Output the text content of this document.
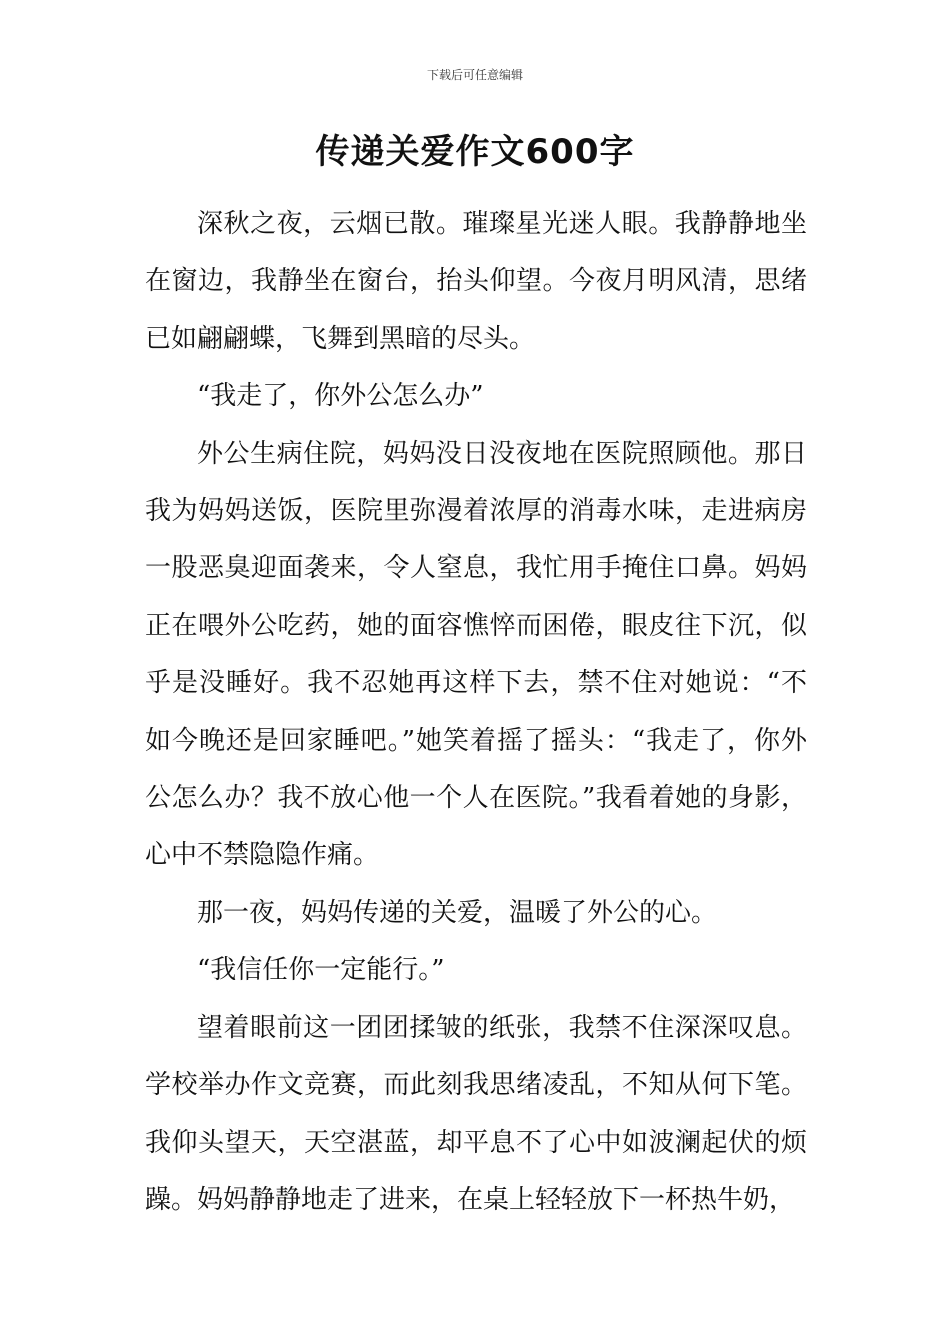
下载后可任意编辑
传递关爱作文600字

深秋之夜，云烟已散。璀璨星光迷人眼。我静静地坐在窗边，我静坐在窗台，抬头仰望。今夜月明风清，思绪已如翩翩蝶，飞舞到黑暗的尽头。

“我走了，你外公怎么办”

外公生病住院，妈妈没日没夜地在医院照顾他。那日我为妈妈送饭，医院里弥漫着浓厚的消毒水味，走进病房一股恶臭迎面袭来，令人窒息，我忙用手掩住口鼻。妈妈正在喂外公吃药，她的面容憔悴而困倦，眼皮往下沉，似乎是没睡好。我不忍她再这样下去，禁不住对她说：“不如今晚还是回家睡吧。”她笑着摇了摇头：“我走了，你外公怎么办？我不放心他一个人在医院。”我看着她的身影，心中不禁隐隐作痛。

那一夜，妈妈传递的关爱，温暖了外公的心。

“我信任你一定能行。”

望着眼前这一团团揉皱的纸张，我禁不住深深叹息。学校举办作文竞赛，而此刻我思绪凌乱，不知从何下笔。我仰头望天，天空湛蓝，却平息不了心中如波澜起伏的烦躁。妈妈静静地走了进来，在桌上轻轻放下一杯热牛奶，
